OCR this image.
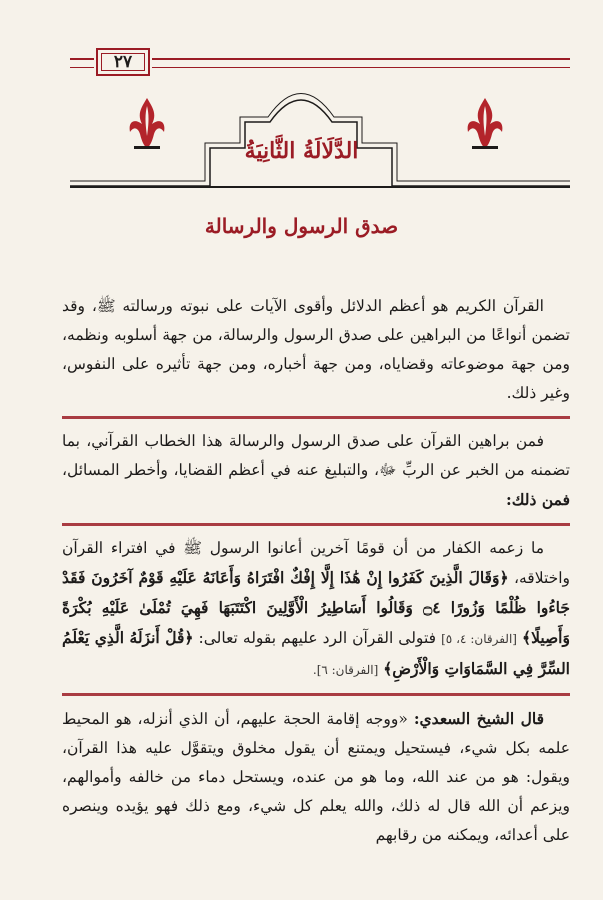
٢٧
الدَّلَالَةُ الثَّانِيَةُ
صدق الرسول والرسالة

القرآن الكريم هو أعظم الدلائل وأقوى الآيات على نبوته ورسالته ﷺ، وقد تضمن أنواعًا من البراهين على صدق الرسول والرسالة، من جهة أسلوبه ونظمه، ومن جهة موضوعاته وقضاياه، ومن جهة أخباره، ومن جهة تأثيره على النفوس، وغير ذلك.

فمن براهين القرآن على صدق الرسول والرسالة هذا الخطاب القرآني، بما تضمنه من الخبر عن الربِّ ﷻ، والتبليغ عنه في أعظم القضايا، وأخطر المسائل، فمن ذلك:

ما زعمه الكفار من أن قومًا آخرين أعانوا الرسول ﷺ في افتراء القرآن واختلاقه، ﴿وَقَالَ الَّذِينَ كَفَرُوا إِنْ هَٰذَا إِلَّا إِفْكٌ افْتَرَاهُ وَأَعَانَهُ عَلَيْهِ قَوْمٌ آخَرُونَ فَقَدْ جَاءُوا ظُلْمًا وَزُورًا ۝٤ وَقَالُوا أَسَاطِيرُ الْأَوَّلِينَ اكْتَتَبَهَا فَهِيَ تُمْلَىٰ عَلَيْهِ بُكْرَةً وَأَصِيلًا﴾ [الفرقان: ٤، ٥] فتولى القرآن الرد عليهم بقوله تعالى: ﴿قُلْ أَنزَلَهُ الَّذِي يَعْلَمُ السِّرَّ فِي السَّمَاوَاتِ وَالْأَرْضِ﴾ [الفرقان: ٦].

قال الشيخ السعدي: «ووجه إقامة الحجة عليهم، أن الذي أنزله، هو المحيط علمه بكل شيء، فيستحيل ويمتنع أن يقول مخلوق ويتقوَّل عليه هذا القرآن، ويقول: هو من عند الله، وما هو من عنده، ويستحل دماء من خالفه وأموالهم، ويزعم أن الله قال له ذلك، والله يعلم كل شيء، ومع ذلك فهو يؤيده وينصره على أعدائه، ويمكنه من رقابهم
